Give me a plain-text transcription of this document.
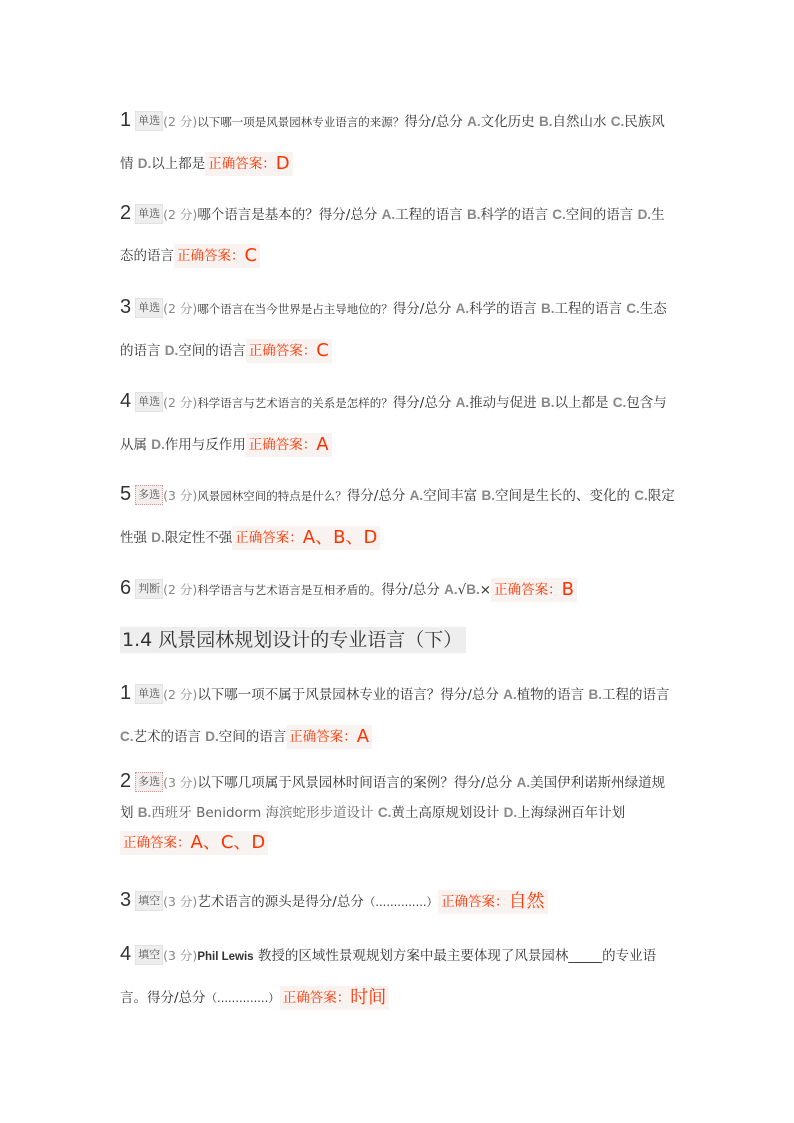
1 单选 (2 分)以下哪一项是风景园林专业语言的来源？得分/总分 A.文化历史 B.自然山水 C.民族风情 D.以上都是 正确答案：D
2 单选 (2 分)哪个语言是基本的？得分/总分 A.工程的语言 B.科学的语言 C.空间的语言 D.生态的语言 正确答案：C
3 单选 (2 分)哪个语言在当今世界是占主导地位的？得分/总分 A.科学的语言 B.工程的语言 C.生态的语言 D.空间的语言 正确答案：C
4 单选 (2 分)科学语言与艺术语言的关系是怎样的？得分/总分 A.推动与促进 B.以上都是 C.包含与从属 D.作用与反作用 正确答案：A
5 多选 (3 分)风景园林空间的特点是什么？得分/总分 A.空间丰富 B.空间是生长的、变化的 C.限定性强 D.限定性不强 正确答案：A、B、D
6 判断 (2 分)科学语言与艺术语言是互相矛盾的。得分/总分 A.√B.× 正确答案：B
1.4 风景园林规划设计的专业语言（下）
1 单选 (2 分)以下哪一项不属于风景园林专业的语言？得分/总分 A.植物的语言 B.工程的语言 C.艺术的语言 D.空间的语言 正确答案：A
2 多选 (3 分)以下哪几项属于风景园林时间语言的案例？得分/总分 A.美国伊利诺斯州绿道规划 B.西班牙 Benidorm 海滨蛇形步道设计 C.黄土高原规划设计 D.上海绿洲百年计划正确答案：A、C、D
3 填空 (3 分)艺术语言的源头是得分/总分（..............） 正确答案：自然
4 填空 (3 分)Phil Lewis 教授的区域性景观规划方案中最主要体现了风景园林_____的专业语言。得分/总分（..............） 正确答案：时间
